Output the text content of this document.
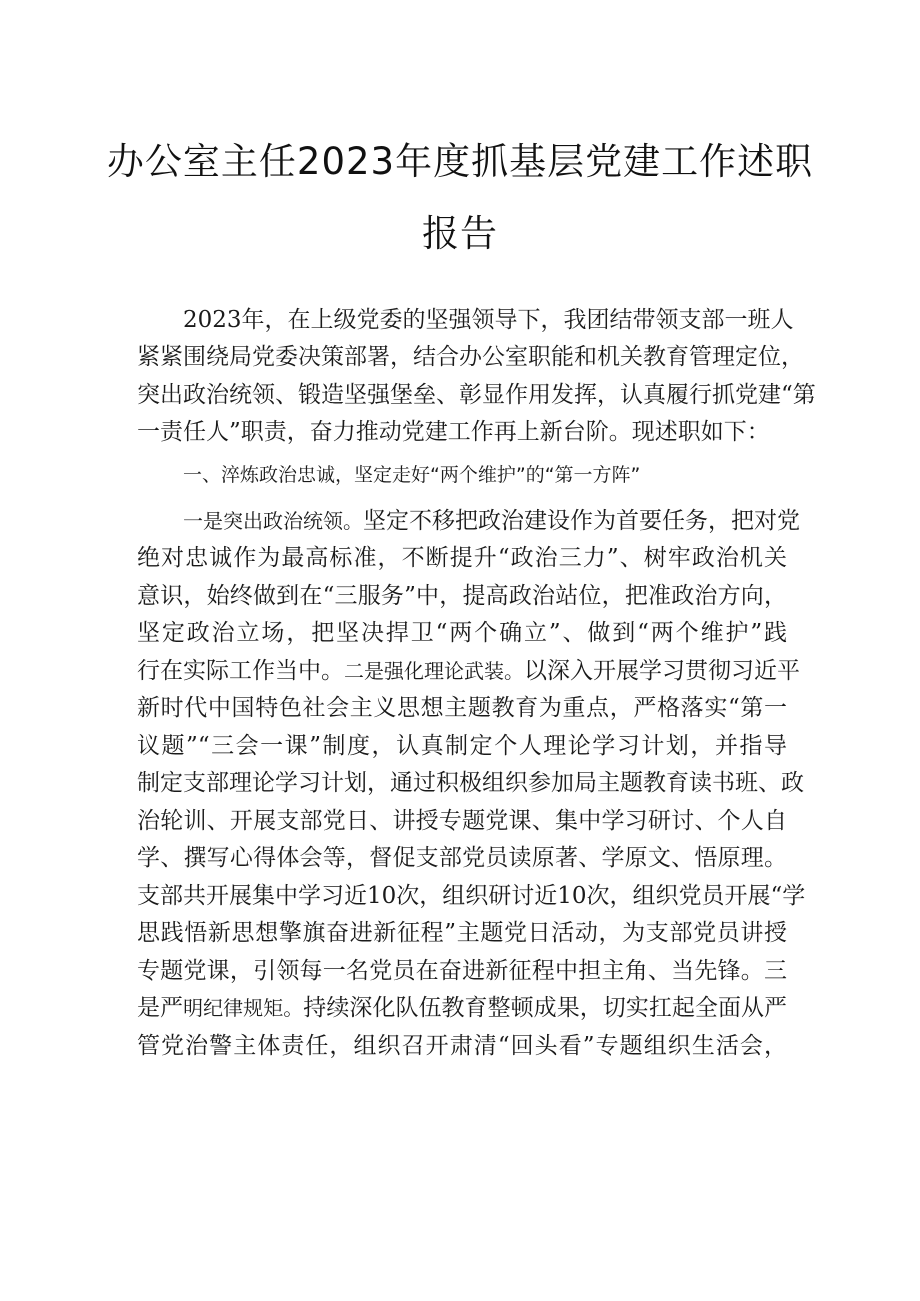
办公室主任2023年度抓基层党建工作述职
报告
2023年，在上级党委的坚强领导下，我团结带领支部一班人
紧紧围绕局党委决策部署，结合办公室职能和机关教育管理定位，
突出政治统领、锻造坚强堡垒、彰显作用发挥，认真履行抓党建“第
一责任人”职责，奋力推动党建工作再上新台阶。现述职如下：
一、淬炼政治忠诚，坚定走好“两个维护”的“第一方阵”
一是突出政治统领。坚定不移把政治建设作为首要任务，把对党
绝对忠诚作为最高标准，不断提升“政治三力”、树牢政治机关
意识，始终做到在“三服务”中，提高政治站位，把准政治方向，
坚定政治立场，把坚决捍卫“两个确立”、做到“两个维护”践
行在实际工作当中。二是强化理论武装。以深入开展学习贯彻习近平
新时代中国特色社会主义思想主题教育为重点，严格落实“第一
议题”“三会一课”制度，认真制定个人理论学习计划，并指导
制定支部理论学习计划，通过积极组织参加局主题教育读书班、政
治轮训、开展支部党日、讲授专题党课、集中学习研讨、个人自
学、撰写心得体会等，督促支部党员读原著、学原文、悟原理。
支部共开展集中学习近10次，组织研讨近10次，组织党员开展“学
思践悟新思想擎旗奋进新征程”主题党日活动，为支部党员讲授
专题党课，引领每一名党员在奋进新征程中担主角、当先锋。三
是严明纪律规矩。持续深化队伍教育整顿成果，切实扛起全面从严
管党治警主体责任，组织召开肃清“回头看”专题组织生活会，
